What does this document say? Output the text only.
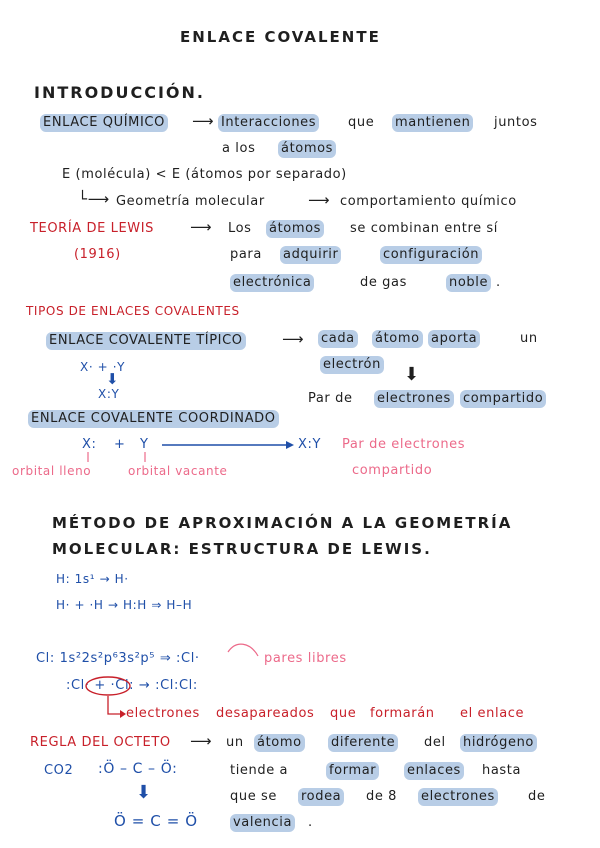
ENLACE COVALENTE
INTRODUCCIÓN.
ENLACE QUÍMICO ⟶ Interacciones que mantienen juntos
a los átomos
E (molécula) < E (átomos por separado)
└⟶ Geometría molecular	⟶ comportamiento químico
TEORÍA DE LEWIS ⟶ Los átomos se combinan entre sí
(1916)	para adquirir	configuración
electrónica	de gas	noble .
TIPOS DE ENLACES COVALENTES
ENLACE COVALENTE TÍPICO	⟶ cada átomo aporta	un
electrón
X· + ·Y
⬇
X:Y
⬇
Par de electrones compartido
ENLACE COVALENTE COORDINADO
X: + Y	X:Y Par de electrones
compartido
orbital lleno	orbital vacante
MÉTODO DE APROXIMACIÓN A LA GEOMETRÍA
MOLECULAR: ESTRUCTURA DE LEWIS.
H: 1s¹ → H·
H· + ·H → H:H ⇒ H–H
Cl: 1s²2s²p⁶3s²p⁵ ⇒ :Cl·	pares libres
:Cl· + ·Cl: → :Cl:Cl:
electrones desapareados que formarán el enlace
REGLA DEL OCTETO ⟶ un átomo diferente del hidrógeno
CO2 :Ö – C – Ö:	tiende a	formar enlaces hasta
⬇	que se rodea de 8 electrones	de
Ö = C = Ö	valencia .
